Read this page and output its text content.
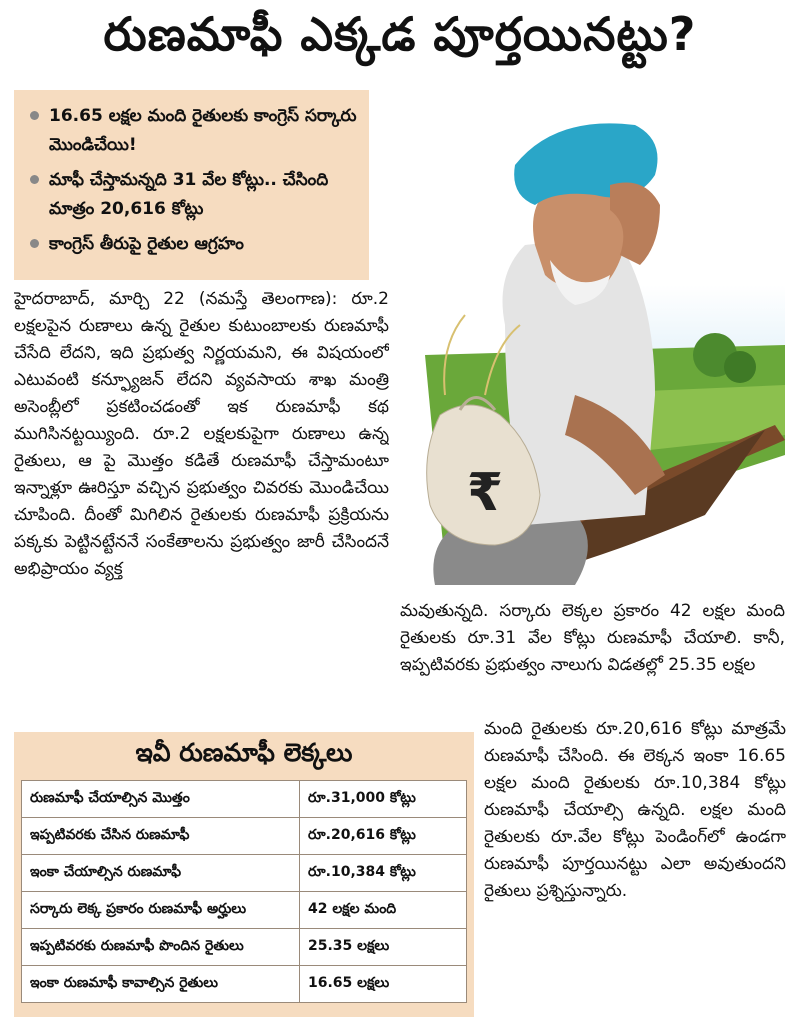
రుణమాఫీ ఎక్కడ పూర్తయినట్టు?
16.65 లక్షల మంది రైతులకు కాంగ్రెస్ సర్కారు మొండిచేయి!
మాఫీ చేస్తామన్నది 31 వేల కోట్లు.. చేసింది మాత్రం 20,616 కోట్లు
కాంగ్రెస్ తీరుపై రైతుల ఆగ్రహం
హైదరాబాద్, మార్చి 22 (నమస్తే తెలంగాణ): రూ.2 లక్షలపైన రుణాలు ఉన్న రైతుల కుటుంబాలకు రుణమాఫీ చేసేది లేదని, ఇది ప్రభుత్వ నిర్ణయమని, ఈ విషయంలో ఎటువంటి కన్ఫ్యూజన్ లేదని వ్యవసాయ శాఖ మంత్రి అసెంబ్లీలో ప్రకటించడంతో ఇక రుణమాఫీ కథ ముగిసినట్టయ్యింది. రూ.2 లక్షలకుపైగా రుణాలు ఉన్న రైతులు, ఆ పై మొత్తం కడితే రుణమాఫీ చేస్తామంటూ ఇన్నాళ్లూ ఊరిస్తూ వచ్చిన ప్రభుత్వం చివరకు మొండిచేయి చూపింది. దీంతో మిగిలిన రైతులకు రుణమాఫీ ప్రక్రియను పక్కకు పెట్టినట్టేననే సంకేతాలను ప్రభుత్వం జారీ చేసిందనే అభిప్రాయం వ్యక్త
₹
మవుతున్నది. సర్కారు లెక్కల ప్రకారం 42 లక్షల మంది రైతులకు రూ.31 వేల కోట్లు రుణమాఫీ చేయాలి. కానీ, ఇప్పటివరకు ప్రభుత్వం నాలుగు విడతల్లో 25.35 లక్షల
మంది రైతులకు రూ.20,616 కోట్లు మాత్రమే రుణమాఫీ చేసింది. ఈ లెక్కన ఇంకా 16.65 లక్షల మంది రైతులకు రూ.10,384 కోట్లు రుణమాఫీ చేయాల్సి ఉన్నది. లక్షల మంది రైతులకు రూ.వేల కోట్లు పెండింగ్‌లో ఉండగా రుణమాఫీ పూర్తయినట్టు ఎలా అవుతుందని రైతులు ప్రశ్నిస్తున్నారు.
ఇవీ రుణమాఫీ లెక్కలు
రుణమాఫీ చేయాల్సిన మొత్తం	రూ.31,000 కోట్లు
ఇప్పటివరకు చేసిన రుణమాఫీ	రూ.20,616 కోట్లు
ఇంకా చేయాల్సిన రుణమాఫీ	రూ.10,384 కోట్లు
సర్కారు లెక్క ప్రకారం రుణమాఫీ అర్హులు	42 లక్షల మంది
ఇప్పటివరకు రుణమాఫీ పొందిన రైతులు	25.35 లక్షలు
ఇంకా రుణమాఫీ కావాల్సిన రైతులు	16.65 లక్షలు
